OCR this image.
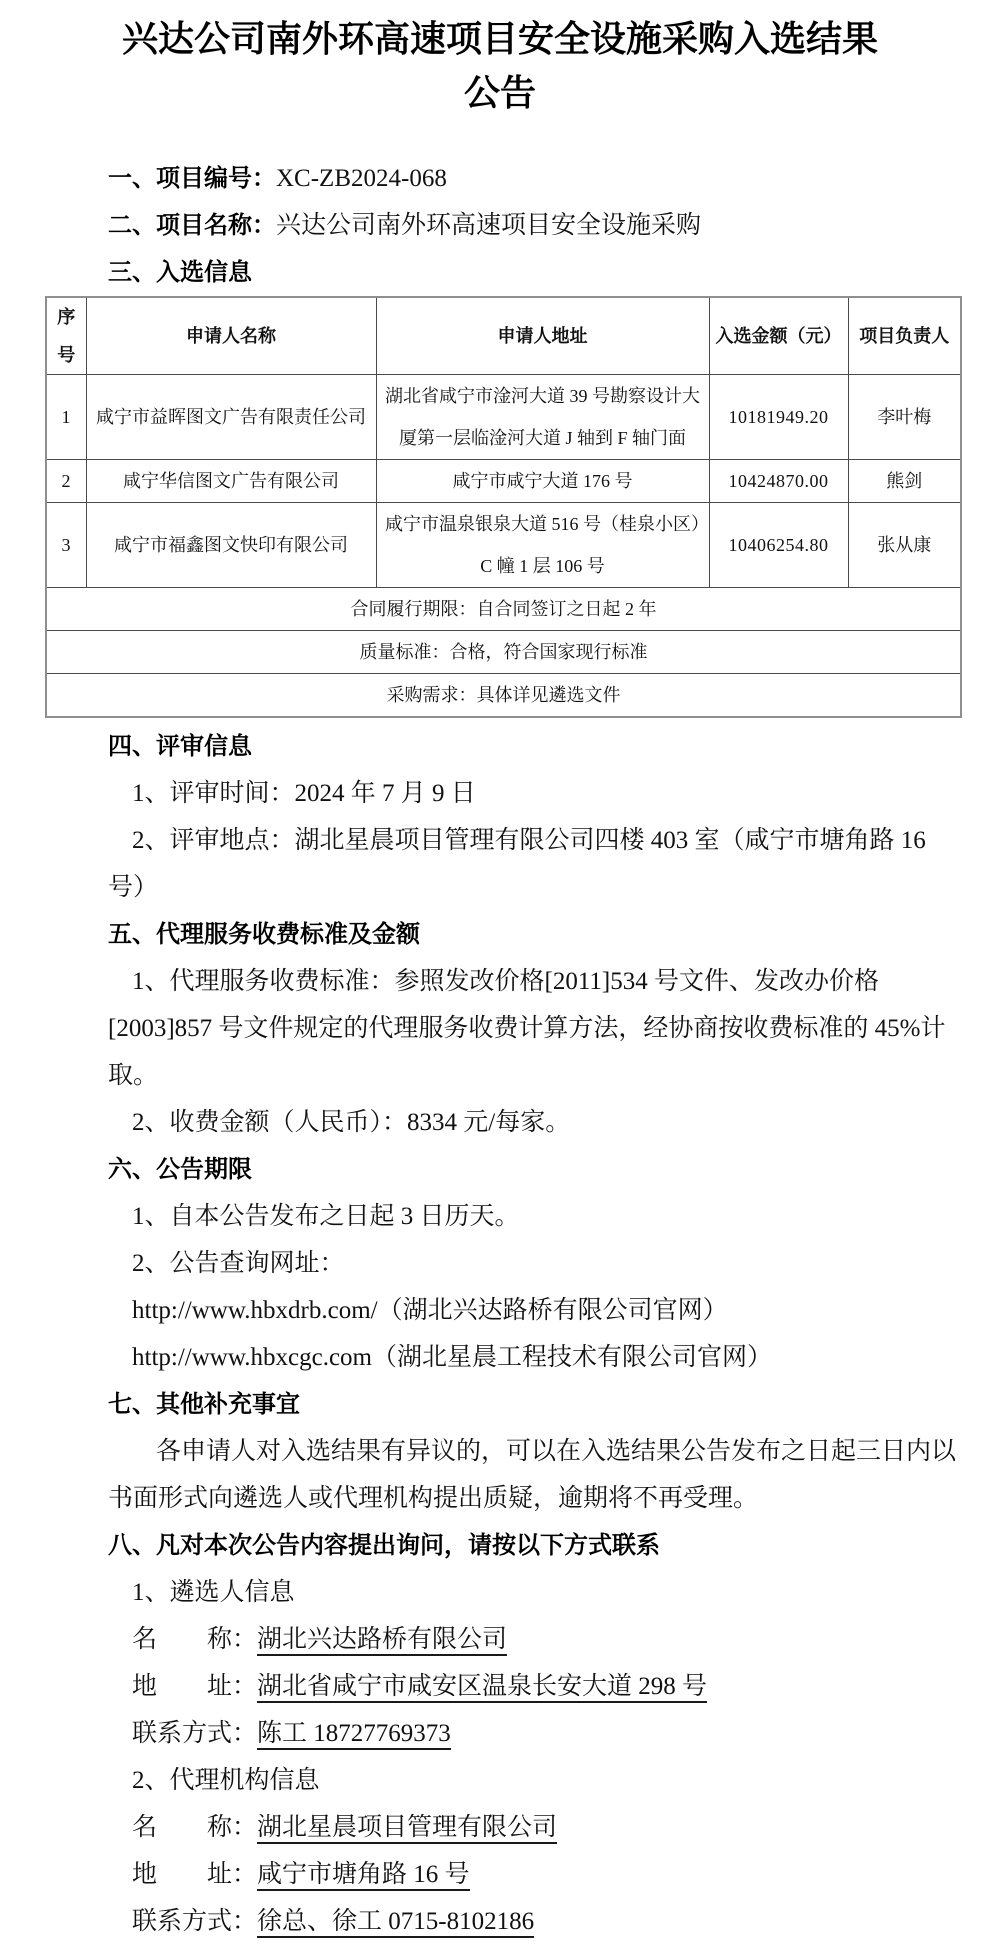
兴达公司南外环高速项目安全设施采购入选结果公告

一、项目编号：XC-ZB2024-068

二、项目名称：兴达公司南外环高速项目安全设施采购

三、入选信息

序号	申请人名称	申请人地址	入选金额（元）	项目负责人
1	咸宁市益晖图文广告有限责任公司	湖北省咸宁市淦河大道 39 号勘察设计大厦第一层临淦河大道 J 轴到 F 轴门面	10181949.20	李叶梅
2	咸宁华信图文广告有限公司	咸宁市咸宁大道 176 号	10424870.00	熊剑
3	咸宁市福鑫图文快印有限公司	咸宁市温泉银泉大道 516 号（桂泉小区）C 幢 1 层 106 号	10406254.80	张从康
合同履行期限：自合同签订之日起 2 年				
质量标准：合格，符合国家现行标准				
采购需求：具体详见遴选文件				

四、评审信息

1、评审时间：2024 年 7 月 9 日

2、评审地点：湖北星晨项目管理有限公司四楼 403 室（咸宁市塘角路 16 号）

五、代理服务收费标准及金额

1、代理服务收费标准：参照发改价格[2011]534 号文件、发改办价格[2003]857 号文件规定的代理服务收费计算方法，经协商按收费标准的 45%计取。

2、收费金额（人民币）：8334 元/每家。

六、公告期限

1、自本公告发布之日起 3 日历天。

2、公告查询网址：

http://www.hbxdrb.com/（湖北兴达路桥有限公司官网）

http://www.hbxcgc.com（湖北星晨工程技术有限公司官网）

七、其他补充事宜

各申请人对入选结果有异议的，可以在入选结果公告发布之日起三日内以书面形式向遴选人或代理机构提出质疑，逾期将不再受理。

八、凡对本次公告内容提出询问，请按以下方式联系

1、遴选人信息

名　　称：湖北兴达路桥有限公司

地　　址：湖北省咸宁市咸安区温泉长安大道 298 号

联系方式：陈工 18727769373

2、代理机构信息

名　　称：湖北星晨项目管理有限公司

地　　址：咸宁市塘角路 16 号

联系方式：徐总、徐工 0715-8102186
